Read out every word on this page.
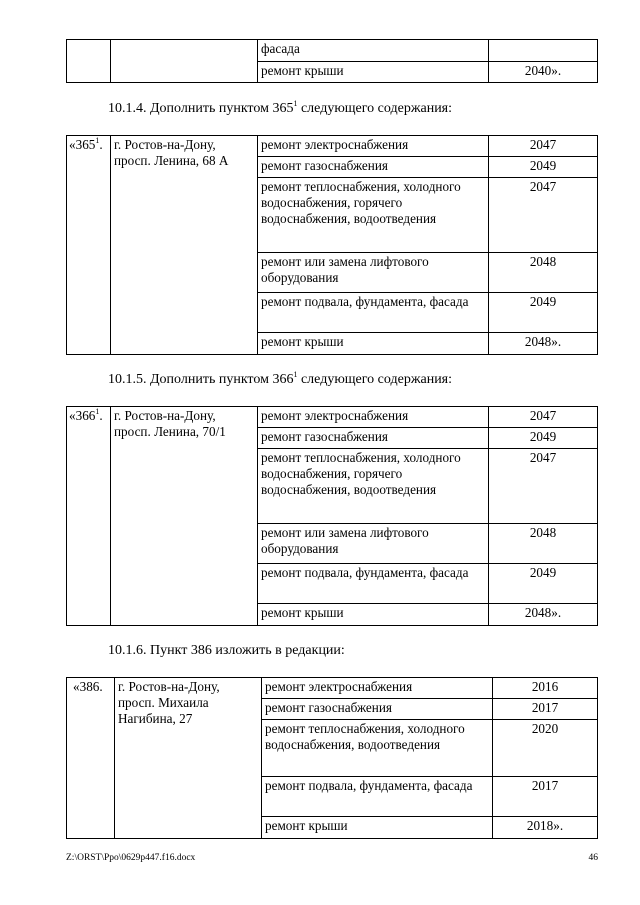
		фасада	
		ремонт крыши	2040».
10.1.4. Дополнить пунктом $365^1$ следующего содержания:
«$365^1$.	г. Ростов-на-Дону, просп. Ленина, 68 А	ремонт электроснабжения	2047
		ремонт газоснабжения	2049
		ремонт теплоснабжения, холодного водоснабжения, горячего водоснабжения, водоотведения	2047
		ремонт или замена лифтового оборудования	2048
		ремонт подвала, фундамента, фасада	2049
		ремонт крыши	2048».
10.1.5. Дополнить пунктом $366^1$ следующего содержания:
«$366^1$.	г. Ростов-на-Дону, просп. Ленина, 70/1	ремонт электроснабжения	2047
		ремонт газоснабжения	2049
		ремонт теплоснабжения, холодного водоснабжения, горячего водоснабжения, водоотведения	2047
		ремонт или замена лифтового оборудования	2048
		ремонт подвала, фундамента, фасада	2049
		ремонт крыши	2048».
10.1.6. Пункт 386 изложить в редакции:
«386.	г. Ростов-на-Дону, просп. Михаила Нагибина, 27	ремонт электроснабжения	2016
		ремонт газоснабжения	2017
		ремонт теплоснабжения, холодного водоснабжения, водоотведения	2020
		ремонт подвала, фундамента, фасада	2017
		ремонт крыши	2018».
Z:\ORST\Ppo\0629p447.f16.docx	46
